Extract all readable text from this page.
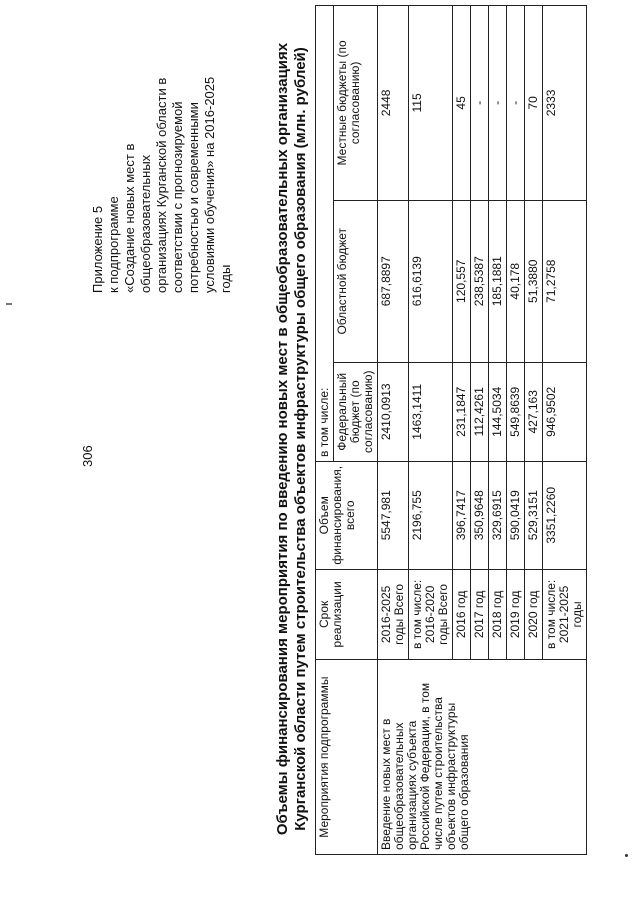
306
Приложение 5 к подпрограмме «Создание новых мест в общеобразовательных организациях Курганской области в соответствии с прогнозируемой потребностью и современными условиями обучения» на 2016-2025 годы	Объемы финансирования мероприятия по введению новых мест в общеобразовательных организациях Курганской области путем строительства объектов инфраструктуры общего образования (млн. рублей) Мероприятия подпрограммы	Срок реализации	Объем финансирования, всего	в том числе:		
			Федеральный бюджет (по согласованию)	Областной бюджет	Местные бюджеты (по согласованию)
Введение новых мест в общеобразовательных организациях субъекта Российской Федерации, в том числе путем строительства объектов инфраструктуры общего образования	2016-2025 годы Всего	5547,981	2410,0913	687,8897	2448
	в том числе: 2016-2020 годы Всего	2196,755	1463,1411	616,6139	115
	2016 год	396,7417	231,1847	120,557	45
	2017 год	350,9648	112,4261	238,5387	-
	2018 год	329,6915	144,5034	185,1881	-
	2019 год	590,0419	549,8639	40,178	-
	2020 год	529,3151	427,163	51,3880	70
	в том числе: 2021-2025 годы	3351,2260	946,9502	71,2758	2333
